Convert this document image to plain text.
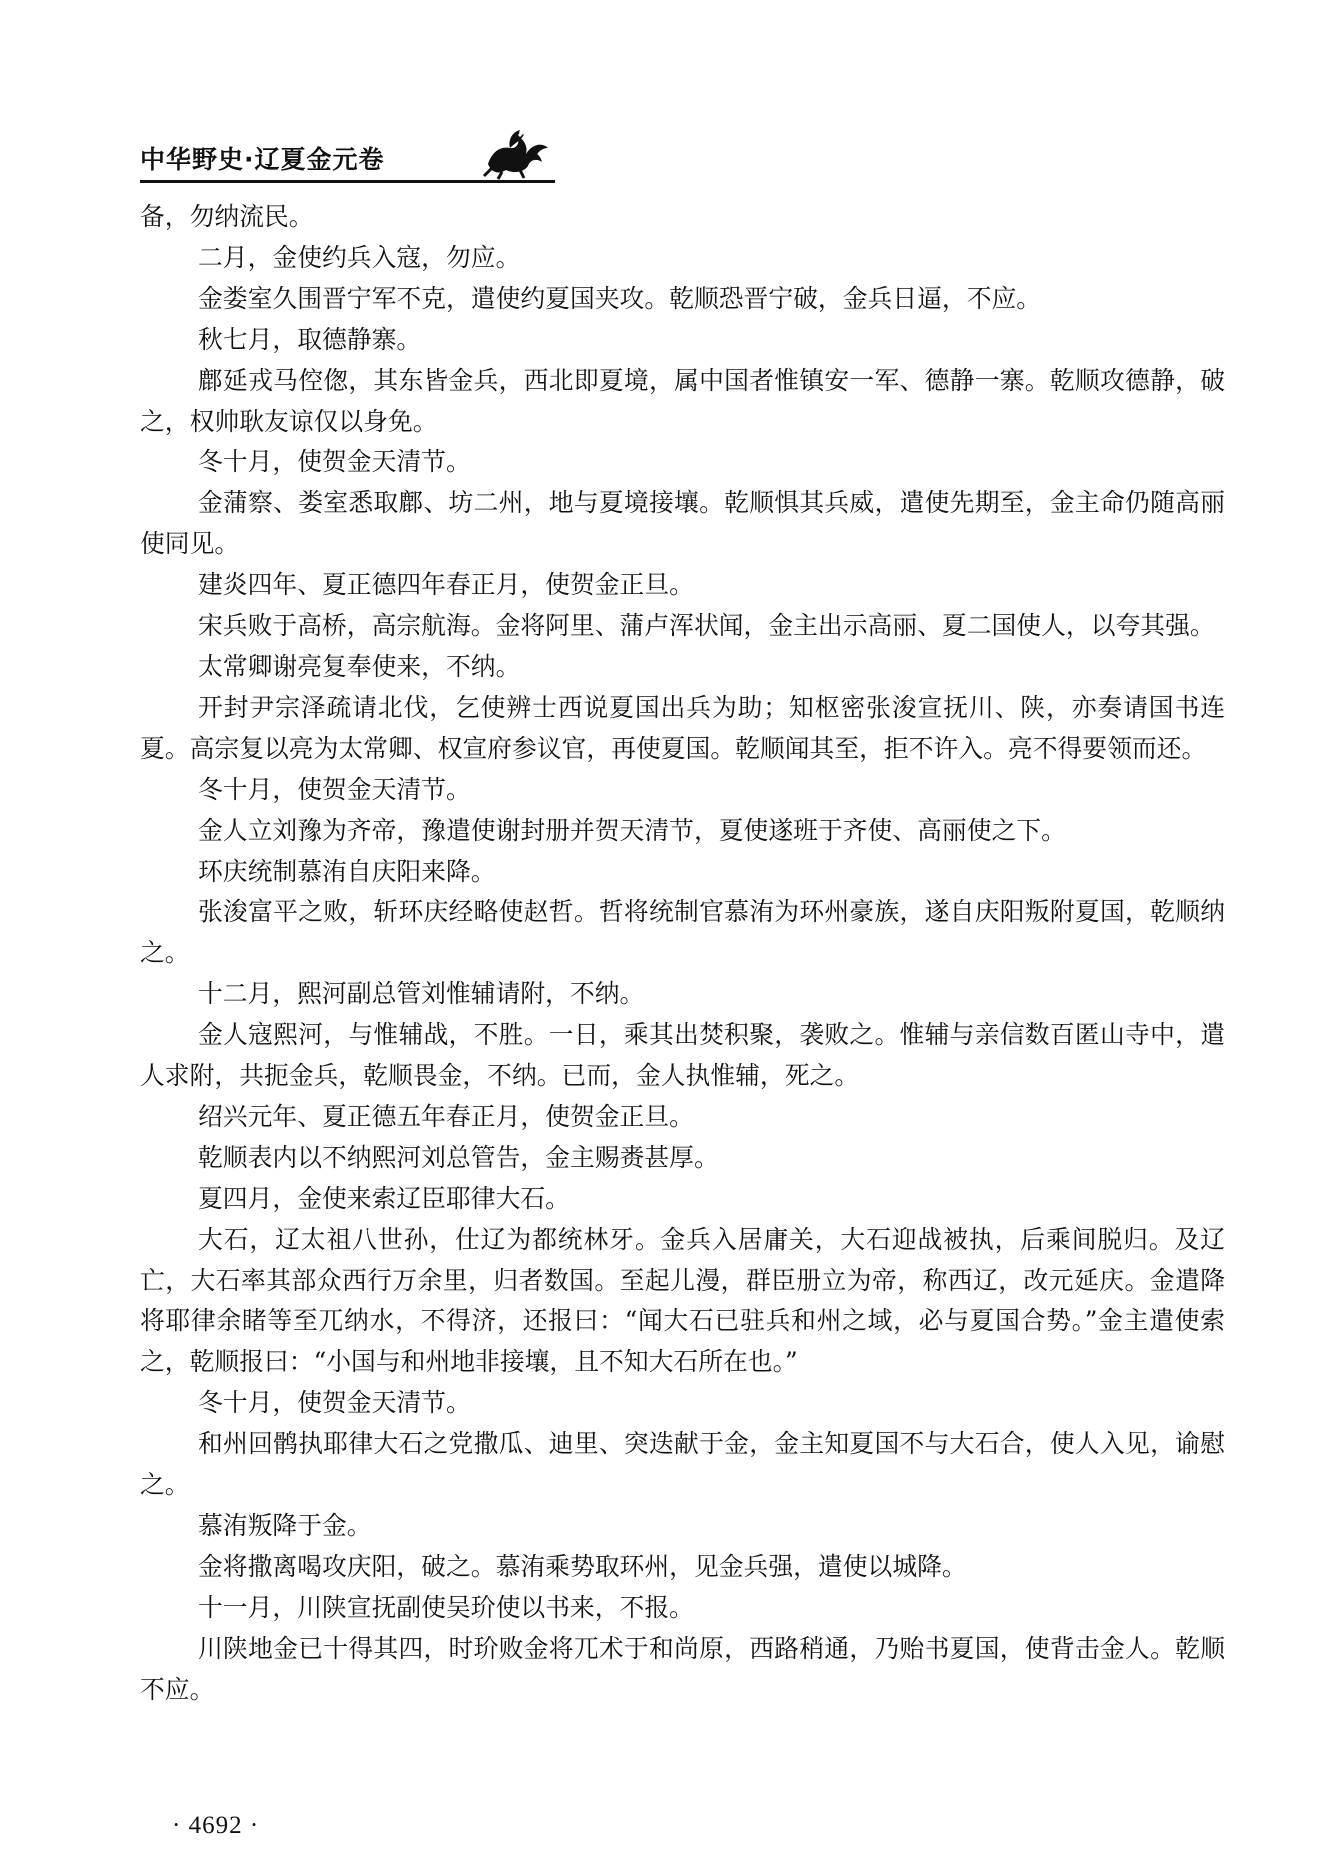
中华野史·辽夏金元卷

备，勿纳流民。

二月，金使约兵入寇，勿应。

金娄室久围晋宁军不克，遣使约夏国夹攻。乾顺恐晋宁破，金兵日逼，不应。

秋七月，取德静寨。

鄜延戎马倥偬，其东皆金兵，西北即夏境，属中国者惟镇安一军、德静一寨。乾顺攻德静，破之，权帅耿友谅仅以身免。

冬十月，使贺金天清节。

金蒲察、娄室悉取鄜、坊二州，地与夏境接壤。乾顺惧其兵威，遣使先期至，金主命仍随高丽使同见。

建炎四年、夏正德四年春正月，使贺金正旦。

宋兵败于高桥，高宗航海。金将阿里、蒲卢浑状闻，金主出示高丽、夏二国使人，以夸其强。

太常卿谢亮复奉使来，不纳。

开封尹宗泽疏请北伐，乞使辨士西说夏国出兵为助；知枢密张浚宣抚川、陕，亦奏请国书连夏。高宗复以亮为太常卿、权宣府参议官，再使夏国。乾顺闻其至，拒不许入。亮不得要领而还。

冬十月，使贺金天清节。

金人立刘豫为齐帝，豫遣使谢封册并贺天清节，夏使遂班于齐使、高丽使之下。

环庆统制慕洧自庆阳来降。

张浚富平之败，斩环庆经略使赵哲。哲将统制官慕洧为环州豪族，遂自庆阳叛附夏国，乾顺纳之。

十二月，熙河副总管刘惟辅请附，不纳。

金人寇熙河，与惟辅战，不胜。一日，乘其出焚积聚，袭败之。惟辅与亲信数百匿山寺中，遣人求附，共扼金兵，乾顺畏金，不纳。已而，金人执惟辅，死之。

绍兴元年、夏正德五年春正月，使贺金正旦。

乾顺表内以不纳熙河刘总管告，金主赐赉甚厚。

夏四月，金使来索辽臣耶律大石。

大石，辽太祖八世孙，仕辽为都统林牙。金兵入居庸关，大石迎战被执，后乘间脱归。及辽亡，大石率其部众西行万余里，归者数国。至起儿漫，群臣册立为帝，称西辽，改元延庆。金遣降将耶律余睹等至兀纳水，不得济，还报曰：“闻大石已驻兵和州之域，必与夏国合势。”金主遣使索之，乾顺报曰：“小国与和州地非接壤，且不知大石所在也。”

冬十月，使贺金天清节。

和州回鹘执耶律大石之党撒瓜、迪里、突迭献于金，金主知夏国不与大石合，使人入见，谕慰之。

慕洧叛降于金。

金将撒离喝攻庆阳，破之。慕洧乘势取环州，见金兵强，遣使以城降。

十一月，川陕宣抚副使吴玠使以书来，不报。

川陕地金已十得其四，时玠败金将兀术于和尚原，西路稍通，乃贻书夏国，使背击金人。乾顺不应。

· 4692 ·
